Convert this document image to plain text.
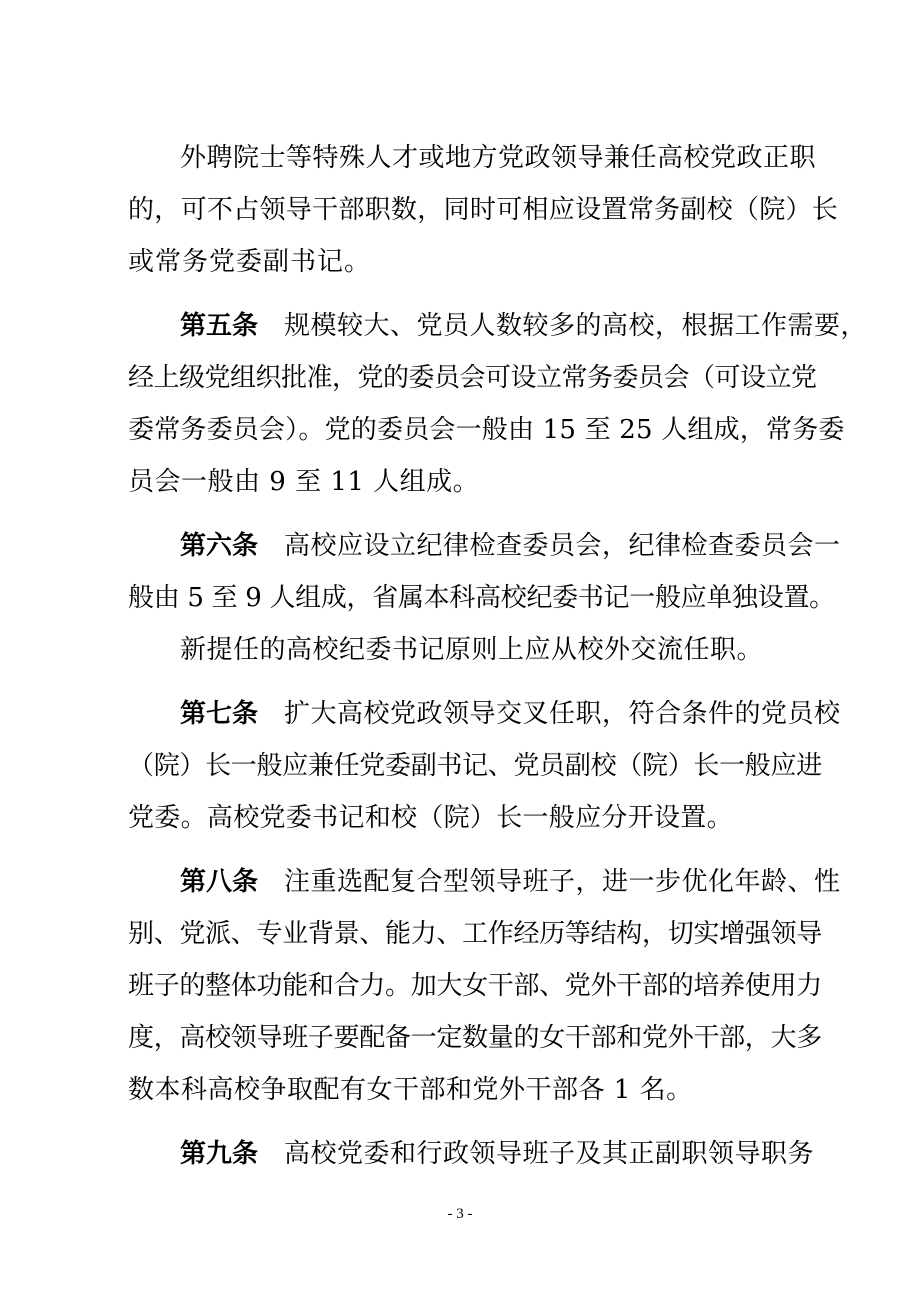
外聘院士等特殊人才或地方党政领导兼任高校党政正职
的，可不占领导干部职数，同时可相应设置常务副校（院）长
或常务党委副书记。
第五条 规模较大、党员人数较多的高校，根据工作需要，
经上级党组织批准，党的委员会可设立常务委员会（可设立党
委常务委员会）。党的委员会一般由 15 至 25 人组成，常务委
员会一般由 9 至 11 人组成。
第六条 高校应设立纪律检查委员会，纪律检查委员会一
般由 5 至 9 人组成，省属本科高校纪委书记一般应单独设置。
新提任的高校纪委书记原则上应从校外交流任职。
第七条 扩大高校党政领导交叉任职，符合条件的党员校
（院）长一般应兼任党委副书记、党员副校（院）长一般应进
党委。高校党委书记和校（院）长一般应分开设置。
第八条 注重选配复合型领导班子，进一步优化年龄、性
别、党派、专业背景、能力、工作经历等结构，切实增强领导
班子的整体功能和合力。加大女干部、党外干部的培养使用力
度，高校领导班子要配备一定数量的女干部和党外干部，大多
数本科高校争取配有女干部和党外干部各 1 名。
第九条 高校党委和行政领导班子及其正副职领导职务
- 3 -
